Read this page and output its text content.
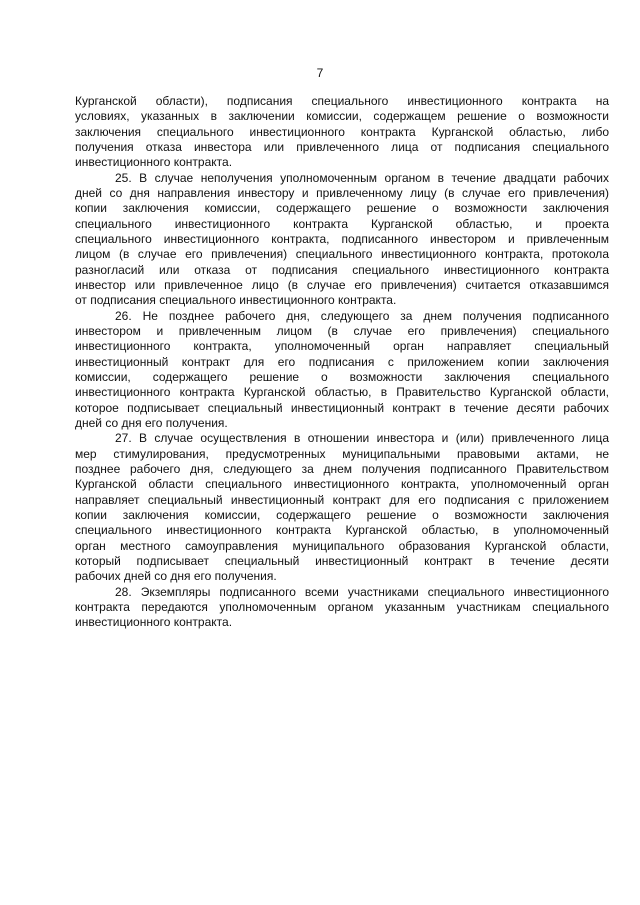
7
Курганской области), подписания специального инвестиционного контракта на
условиях, указанных в заключении комиссии, содержащем решение о возможности
заключения специального инвестиционного контракта Курганской областью, либо
получения отказа инвестора или привлеченного лица от подписания специального
инвестиционного контракта.
25. В случае неполучения уполномоченным органом в течение двадцати рабочих
дней со дня направления инвестору и привлеченному лицу (в случае его привлечения)
копии заключения комиссии, содержащего решение о возможности заключения
специального инвестиционного контракта Курганской областью, и проекта
специального инвестиционного контракта, подписанного инвестором и привлеченным
лицом (в случае его привлечения) специального инвестиционного контракта, протокола
разногласий или отказа от подписания специального инвестиционного контракта
инвестор или привлеченное лицо (в случае его привлечения) считается отказавшимся
от подписания специального инвестиционного контракта.
26. Не позднее рабочего дня, следующего за днем получения подписанного
инвестором и привлеченным лицом (в случае его привлечения) специального
инвестиционного контракта, уполномоченный орган направляет специальный
инвестиционный контракт для его подписания с приложением копии заключения
комиссии, содержащего решение о возможности заключения специального
инвестиционного контракта Курганской областью, в Правительство Курганской области,
которое подписывает специальный инвестиционный контракт в течение десяти рабочих
дней со дня его получения.
27. В случае осуществления в отношении инвестора и (или) привлеченного лица
мер стимулирования, предусмотренных муниципальными правовыми актами, не
позднее рабочего дня, следующего за днем получения подписанного Правительством
Курганской области специального инвестиционного контракта, уполномоченный орган
направляет специальный инвестиционный контракт для его подписания с приложением
копии заключения комиссии, содержащего решение о возможности заключения
специального инвестиционного контракта Курганской областью, в уполномоченный
орган местного самоуправления муниципального образования Курганской области,
который подписывает специальный инвестиционный контракт в течение десяти
рабочих дней со дня его получения.
28. Экземпляры подписанного всеми участниками специального инвестиционного
контракта передаются уполномоченным органом указанным участникам специального
инвестиционного контракта.
